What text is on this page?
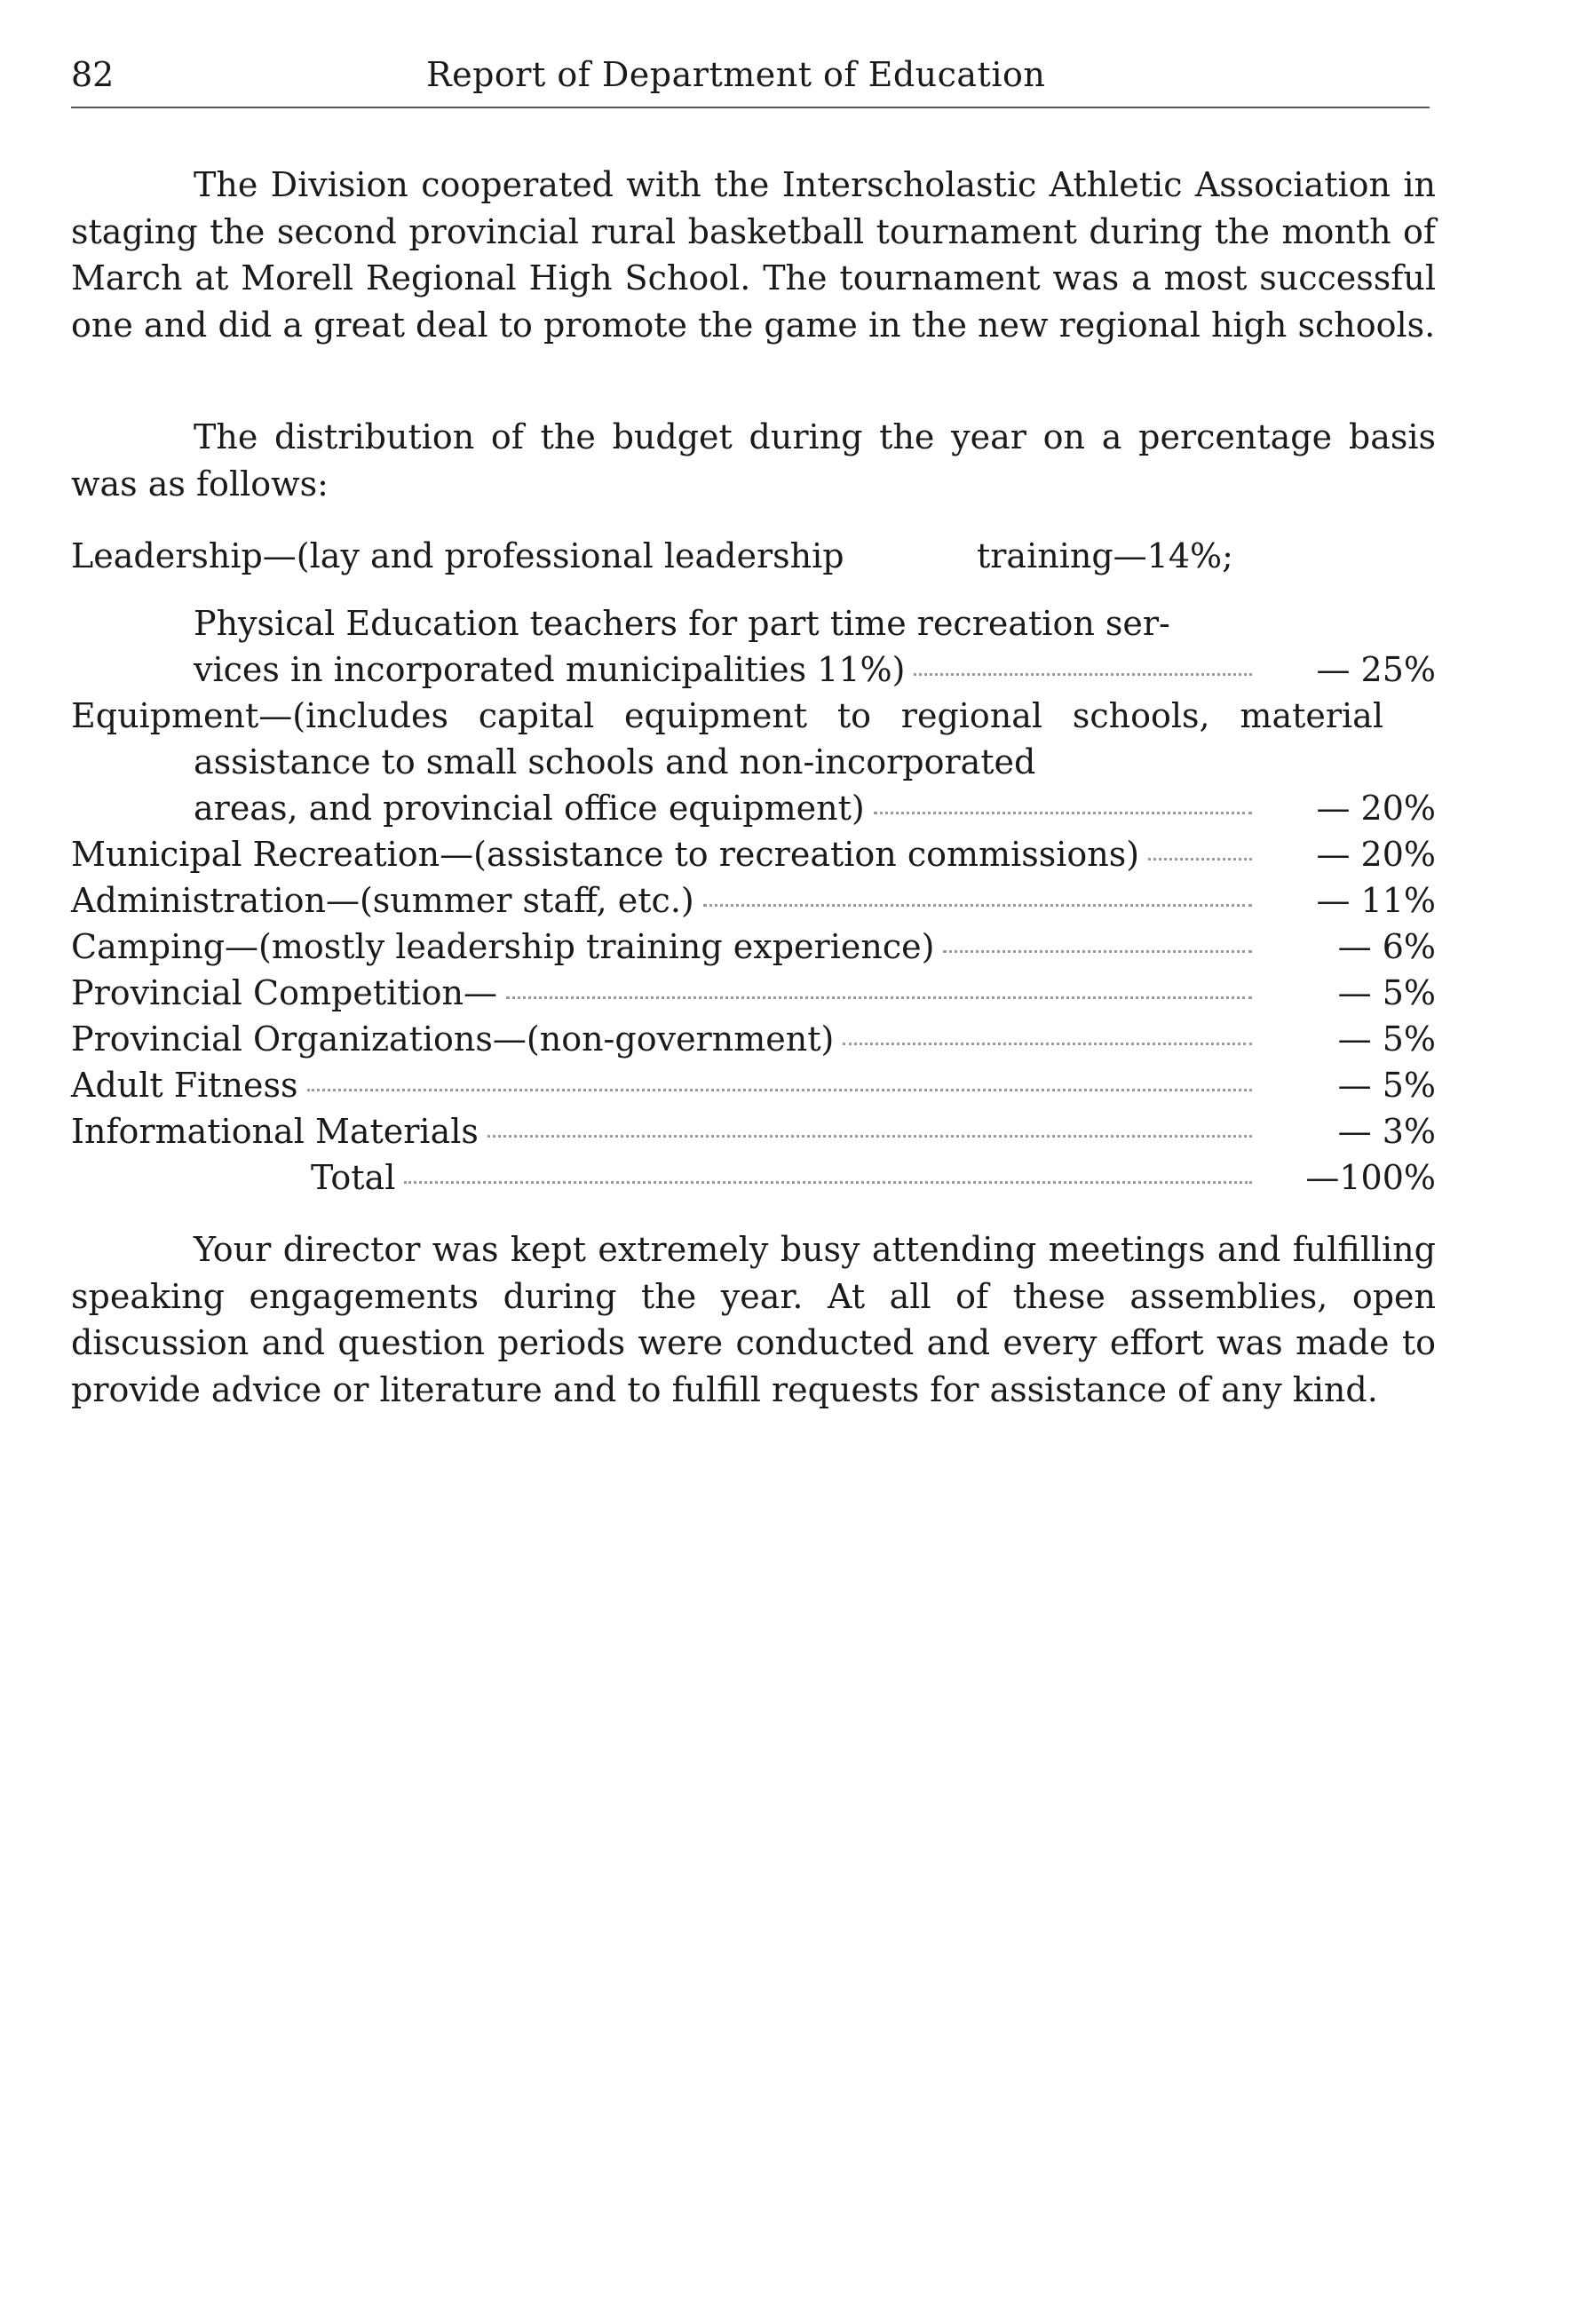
82	Report of Department of Education

The Division cooperated with the Interscholastic Athletic Association in staging the second provincial rural basketball tournament during the month of March at Morell Regional High School. The tournament was a most successful one and did a great deal to promote the game in the new regional high schools.

The distribution of the budget during the year on a percentage basis was as follows:

Leadership—(lay and professional leadership	training—14%;
Physical Education teachers for part time recreation ser-
vices in incorporated municipalities 11%)	— 25%
Equipment—(includes capital equipment to regional schools, material assistance to small schools and non-incorporated
areas, and provincial office equipment)	— 20%
Municipal Recreation—(assistance to recreation commissions)	— 20%
Administration—(summer staff, etc.)	— 11%
Camping—(mostly leadership training experience)	— 6%
Provincial Competition—	— 5%
Provincial Organizations—(non-government)	— 5%
Adult Fitness	— 5%
Informational Materials	— 3%
Total	—100%

Your director was kept extremely busy attending meetings and fulfilling speaking engagements during the year. At all of these assemblies, open discussion and question periods were conducted and every effort was made to provide advice or literature and to fulfill requests for assistance of any kind.
